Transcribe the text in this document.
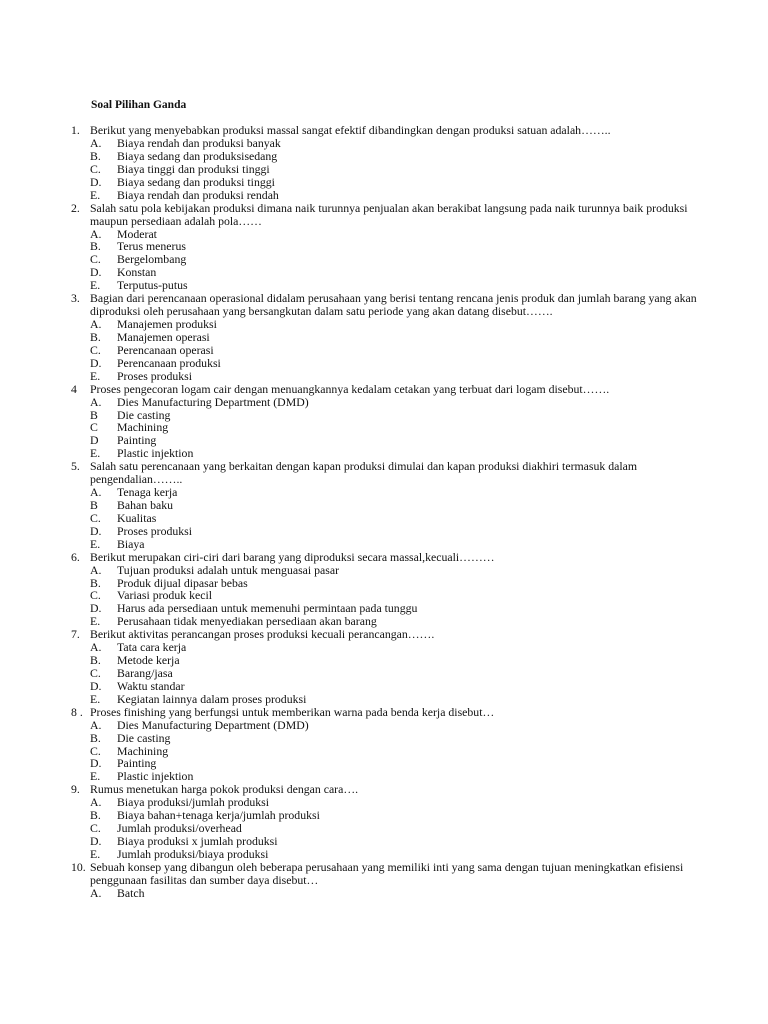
Soal Pilihan Ganda
1. Berikut yang menyebabkan produksi massal sangat efektif dibandingkan dengan produksi satuan adalah……..
A.	Biaya rendah dan produksi banyak
B.	Biaya sedang dan produksisedang
C.	Biaya tinggi dan produksi tinggi
D.	Biaya sedang dan produksi tinggi
E.	Biaya rendah dan produksi rendah
2. Salah satu pola kebijakan produksi dimana naik turunnya penjualan akan berakibat langsung pada naik turunnya baik produksi maupun persediaan adalah pola……
A.	Moderat
B.	Terus menerus
C.	Bergelombang
D.	Konstan
E.	Terputus-putus
3. Bagian dari perencanaan operasional didalam perusahaan yang berisi tentang rencana jenis produk dan jumlah barang yang akan diproduksi oleh perusahaan yang bersangkutan dalam satu periode yang akan datang disebut…….
A.	Manajemen produksi
B.	Manajemen operasi
C.	Perencanaan operasi
D.	Perencanaan produksi
E.	Proses produksi
4	Proses pengecoran logam cair dengan menuangkannya kedalam cetakan yang terbuat dari logam disebut…….
A.	Dies Manufacturing Department (DMD)
B	Die casting
C	Machining
D	Painting
E.	Plastic injektion
5. Salah satu perencanaan yang berkaitan dengan kapan produksi dimulai dan kapan produksi diakhiri termasuk dalam pengendalian……..
A.	Tenaga kerja
B	Bahan baku
C.	Kualitas
D.	Proses produksi
E.	Biaya
6. Berikut merupakan ciri-ciri dari barang yang diproduksi secara massal,kecuali………
A.	Tujuan produksi adalah untuk menguasai pasar
B.	Produk dijual dipasar bebas
C.	Variasi produk kecil
D.	Harus ada persediaan untuk memenuhi permintaan pada tunggu
E.	Perusahaan tidak menyediakan persediaan akan barang
7. Berikut aktivitas perancangan proses produksi kecuali perancangan…….
A.	Tata cara kerja
B.	Metode kerja
C.	Barang/jasa
D.	Waktu standar
E.	Kegiatan lainnya dalam proses produksi
8 . Proses finishing yang berfungsi untuk memberikan warna pada benda kerja disebut…
A.	Dies Manufacturing Department (DMD)
B.	Die casting
C.	Machining
D.	Painting
E.	Plastic injektion
9. Rumus menetukan harga pokok produksi dengan cara….
A.	Biaya produksi/jumlah produksi
B.	Biaya bahan+tenaga kerja/jumlah produksi
C.	Jumlah produksi/overhead
D.	Biaya produksi x jumlah produksi
E.	Jumlah produksi/biaya produksi
10. Sebuah konsep yang dibangun oleh beberapa perusahaan yang memiliki inti yang sama dengan tujuan meningkatkan efisiensi penggunaan fasilitas dan sumber daya disebut…
A.	Batch
